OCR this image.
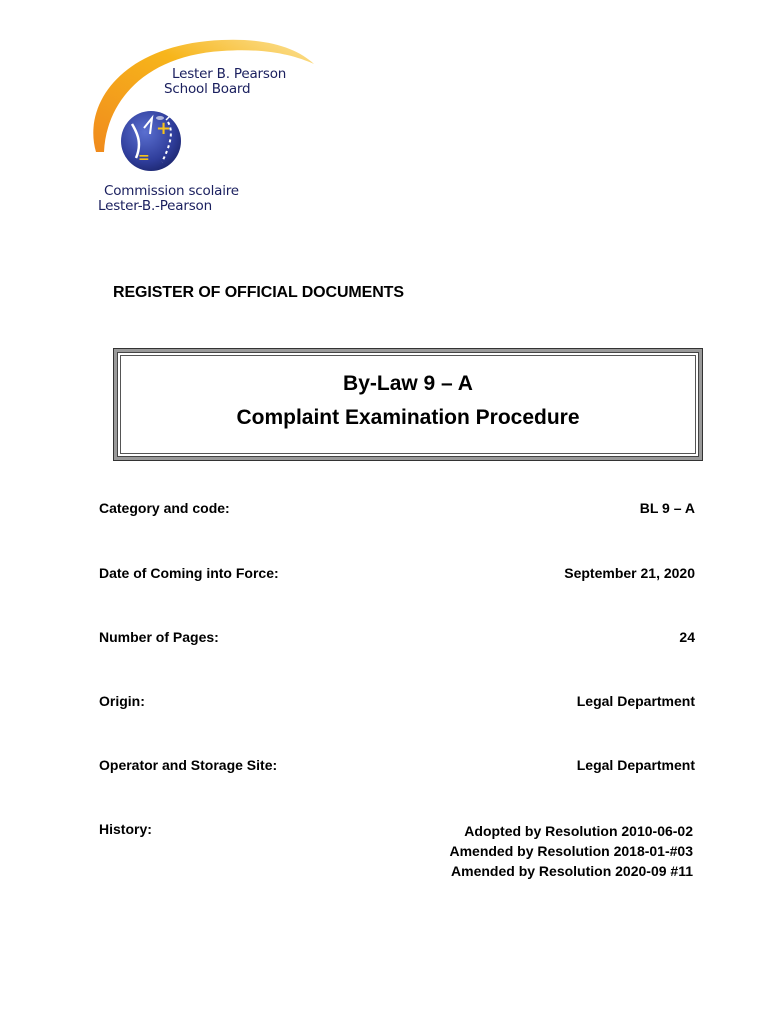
+
=
Lester B. Pearson
School Board
Commission scolaire
Lester-B.-Pearson
REGISTER OF OFFICIAL DOCUMENTS
By-Law 9 – A
Complaint Examination Procedure
Category and code:	BL 9 – A
Date of Coming into Force:	September 21, 2020
Number of Pages:	24
Origin:	Legal Department
Operator and Storage Site:	Legal Department
History:	Adopted by Resolution 2010-06-02
Amended by Resolution 2018-01-#03
Amended by Resolution 2020-09 #11
